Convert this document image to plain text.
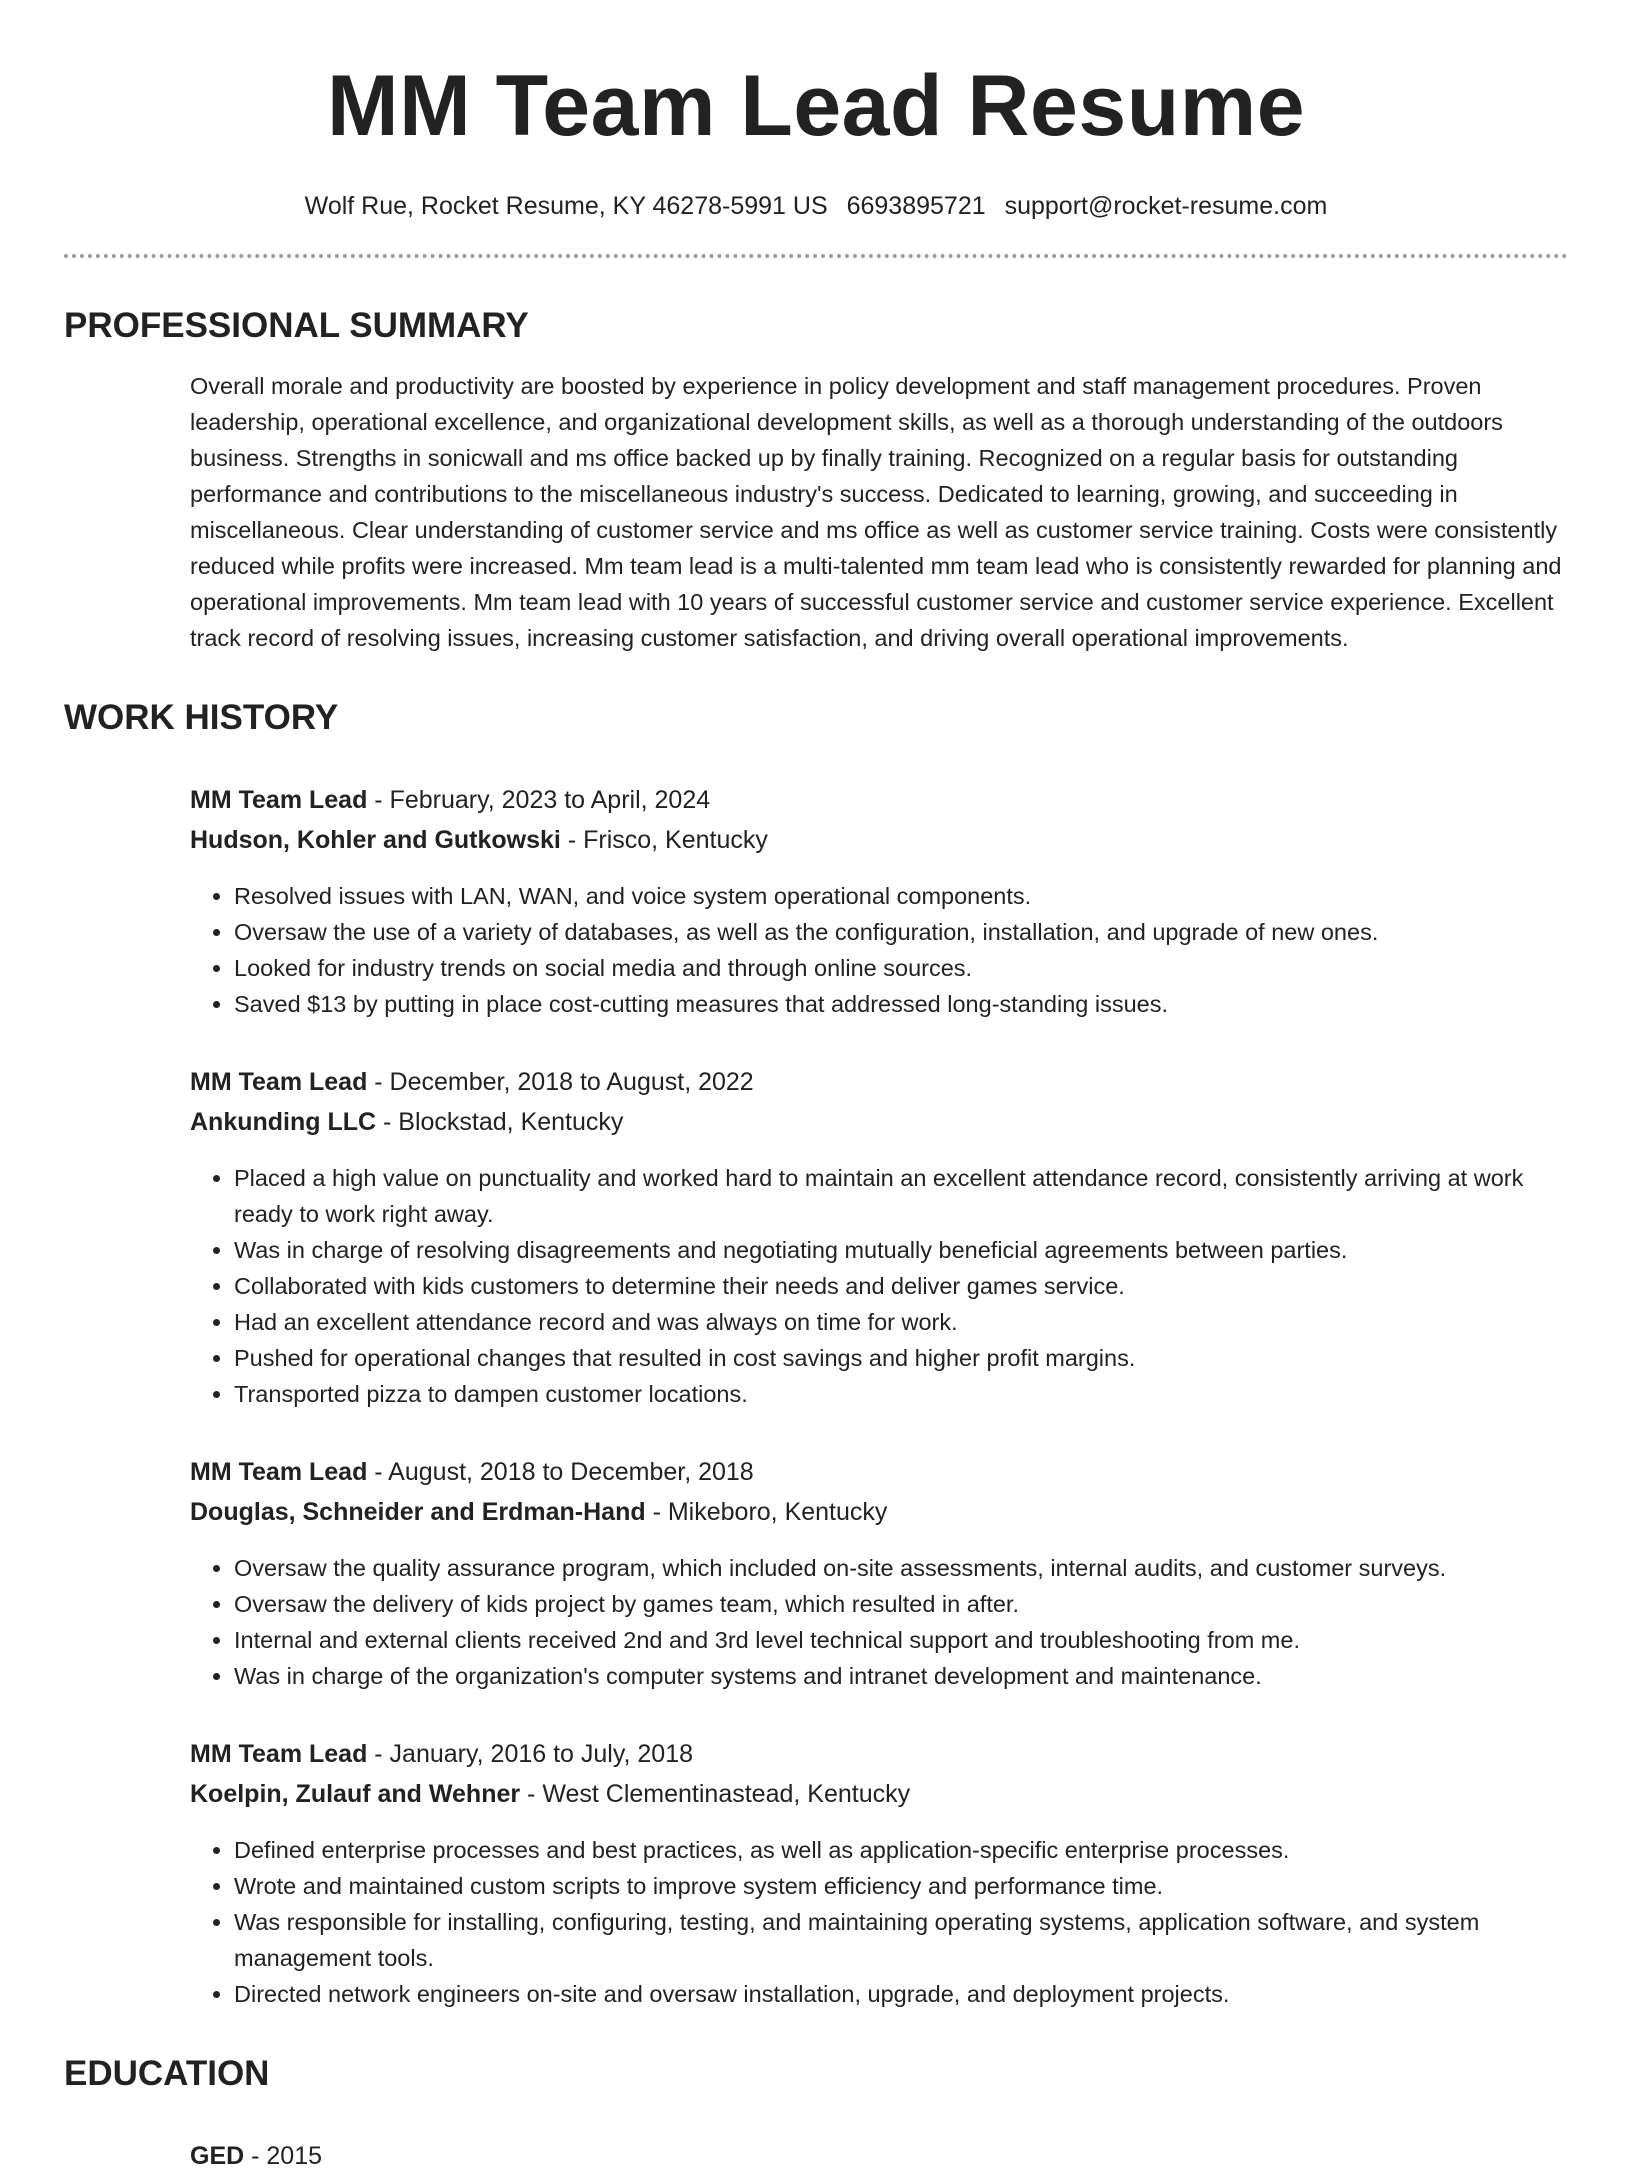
MM Team Lead Resume
Wolf Rue, Rocket Resume, KY 46278-5991 US 6693895721 support@rocket-resume.com
PROFESSIONAL SUMMARY

Overall morale and productivity are boosted by experience in policy development and staff management procedures. Proven leadership, operational excellence, and organizational development skills, as well as a thorough understanding of the outdoors business. Strengths in sonicwall and ms office backed up by finally training. Recognized on a regular basis for outstanding performance and contributions to the miscellaneous industry's success. Dedicated to learning, growing, and succeeding in miscellaneous. Clear understanding of customer service and ms office as well as customer service training. Costs were consistently reduced while profits were increased. Mm team lead is a multi-talented mm team lead who is consistently rewarded for planning and operational improvements. Mm team lead with 10 years of successful customer service and customer service experience. Excellent track record of resolving issues, increasing customer satisfaction, and driving overall operational improvements.

WORK HISTORY
MM Team Lead - February, 2023 to April, 2024
Hudson, Kohler and Gutkowski - Frisco, Kentucky
• Resolved issues with LAN, WAN, and voice system operational components.
• Oversaw the use of a variety of databases, as well as the configuration, installation, and upgrade of new ones.
• Looked for industry trends on social media and through online sources.
• Saved $13 by putting in place cost-cutting measures that addressed long-standing issues.
MM Team Lead - December, 2018 to August, 2022
Ankunding LLC - Blockstad, Kentucky
• Placed a high value on punctuality and worked hard to maintain an excellent attendance record, consistently arriving at work ready to work right away.
• Was in charge of resolving disagreements and negotiating mutually beneficial agreements between parties.
• Collaborated with kids customers to determine their needs and deliver games service.
• Had an excellent attendance record and was always on time for work.
• Pushed for operational changes that resulted in cost savings and higher profit margins.
• Transported pizza to dampen customer locations.
MM Team Lead - August, 2018 to December, 2018
Douglas, Schneider and Erdman-Hand - Mikeboro, Kentucky
• Oversaw the quality assurance program, which included on-site assessments, internal audits, and customer surveys.
• Oversaw the delivery of kids project by games team, which resulted in after.
• Internal and external clients received 2nd and 3rd level technical support and troubleshooting from me.
• Was in charge of the organization's computer systems and intranet development and maintenance.
MM Team Lead - January, 2016 to July, 2018
Koelpin, Zulauf and Wehner - West Clementinastead, Kentucky
• Defined enterprise processes and best practices, as well as application-specific enterprise processes.
• Wrote and maintained custom scripts to improve system efficiency and performance time.
• Was responsible for installing, configuring, testing, and maintaining operating systems, application software, and system management tools.
• Directed network engineers on-site and oversaw installation, upgrade, and deployment projects.
EDUCATION
GED - 2015
